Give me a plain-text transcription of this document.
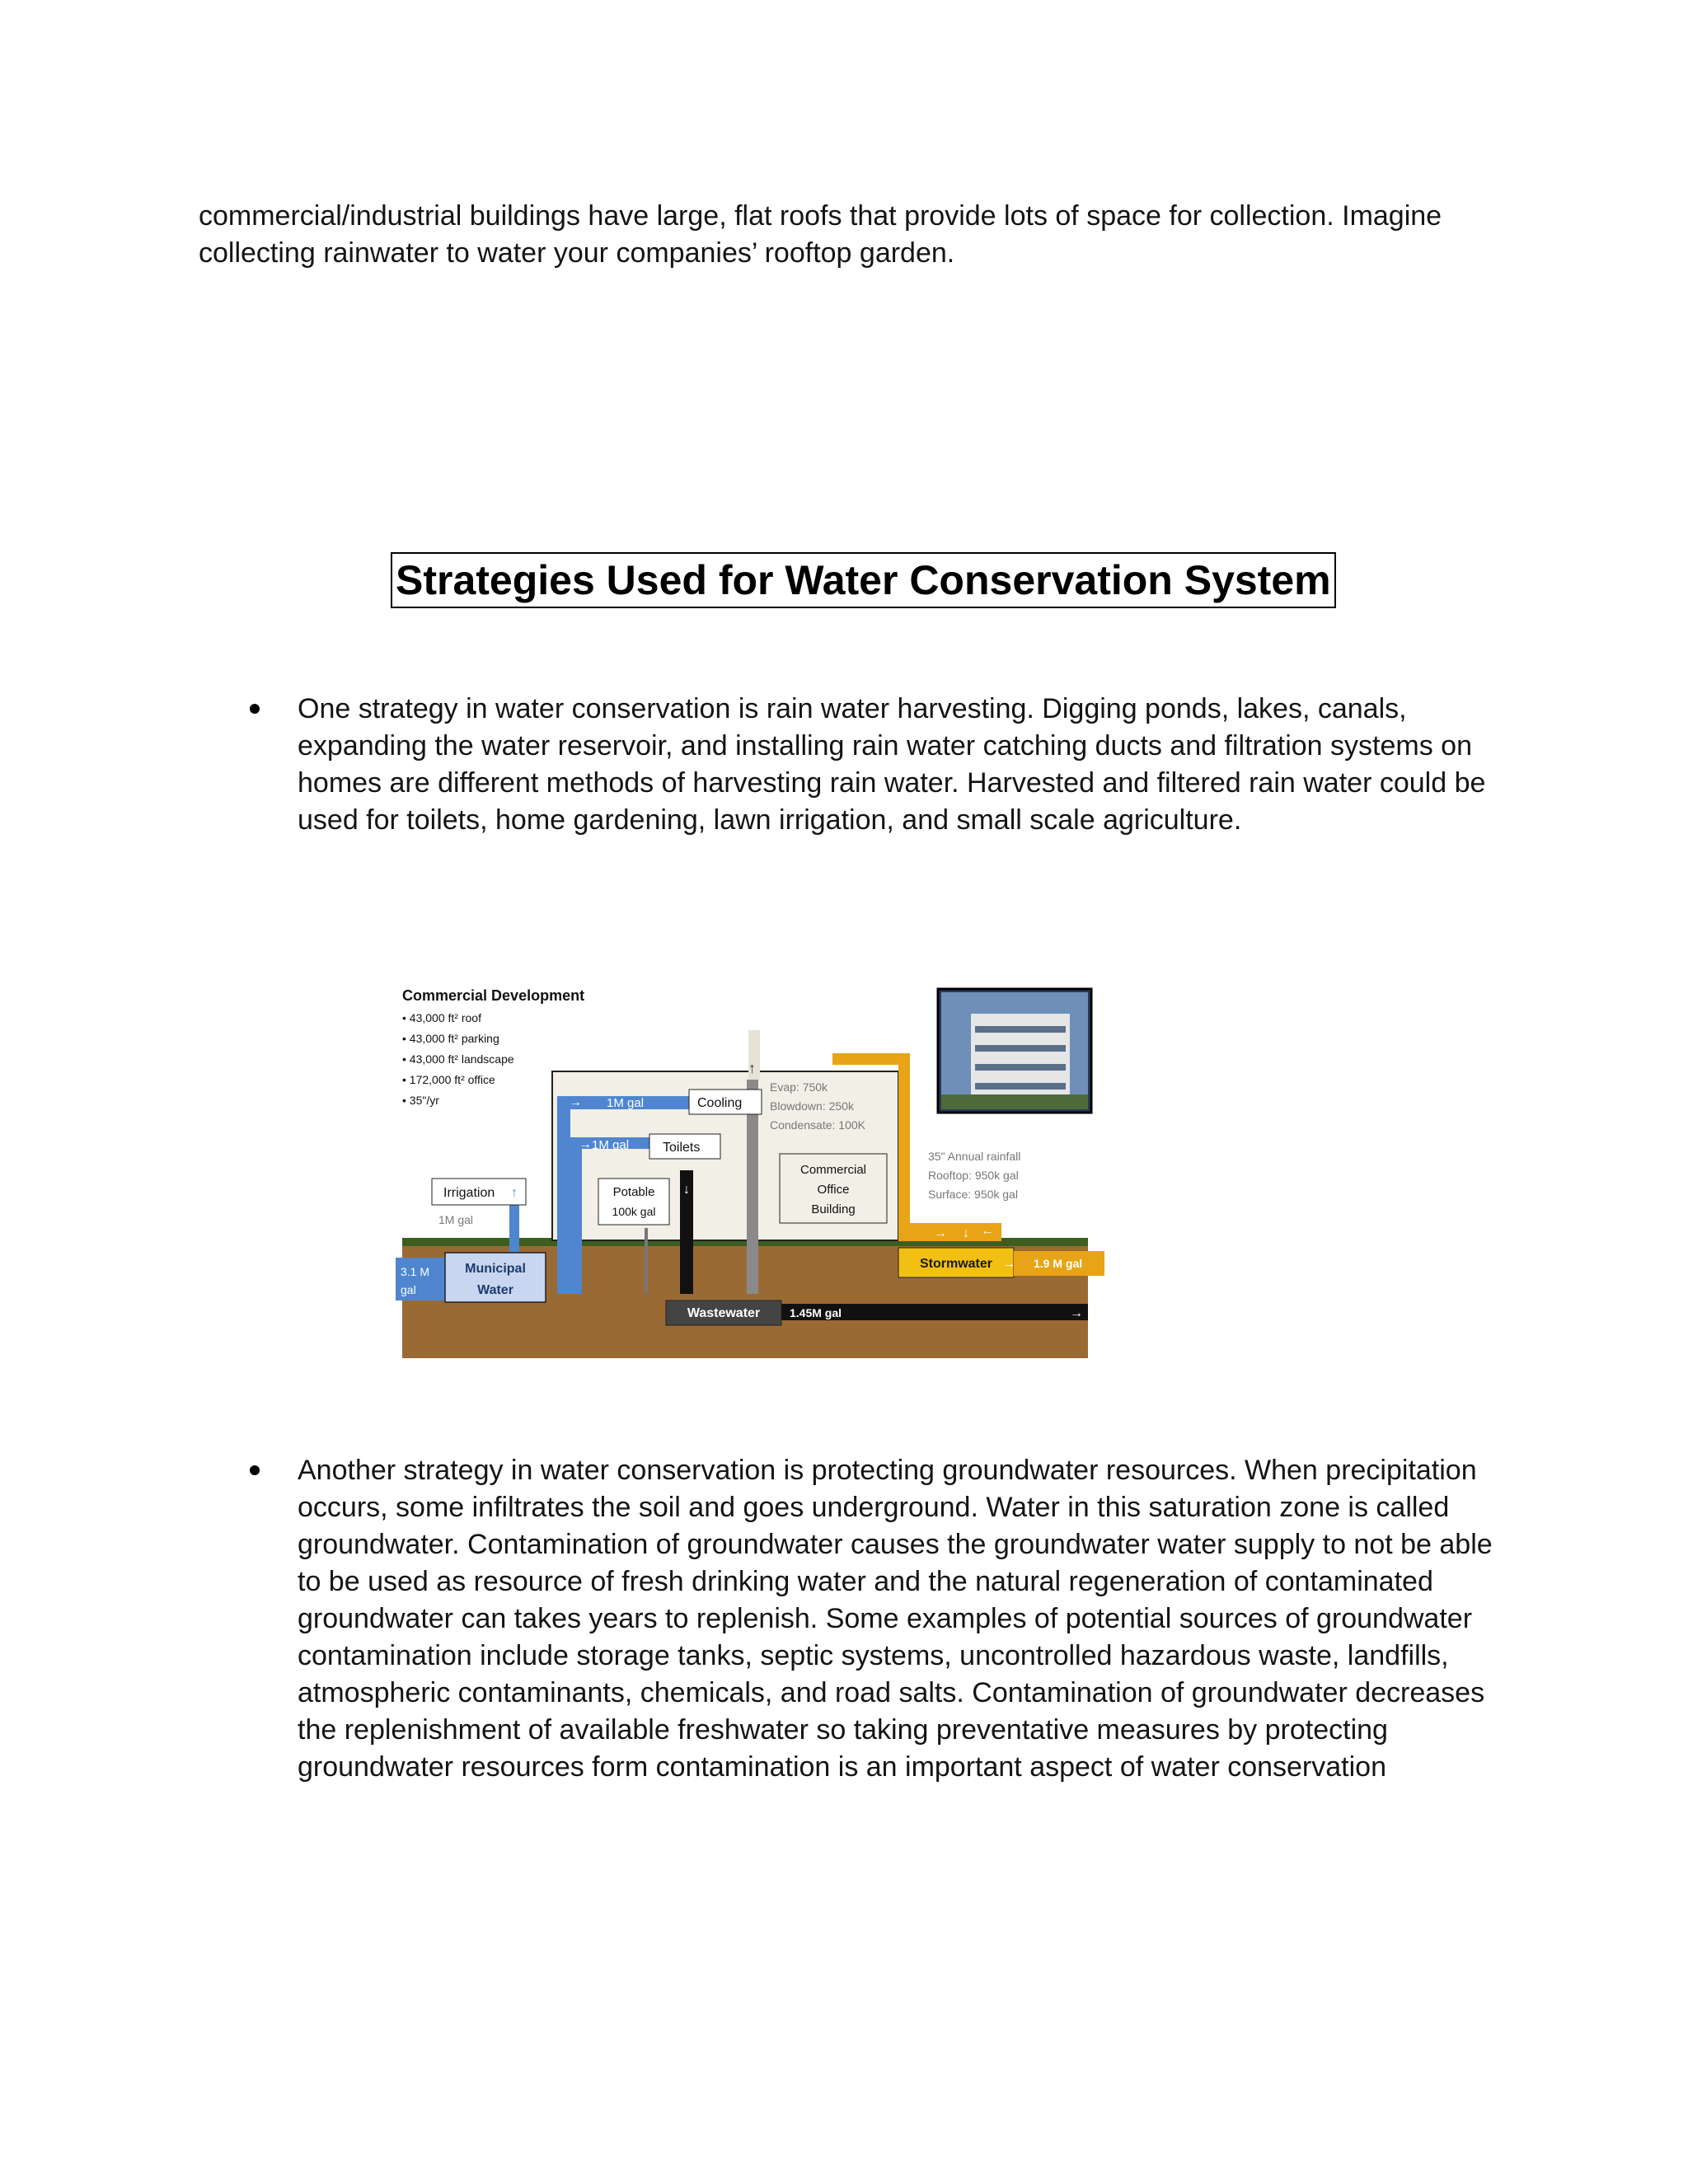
commercial/industrial buildings have large, flat roofs that provide lots of space for collection. Imagine collecting rainwater to water your companies’ rooftop garden.
Strategies Used for Water Conservation System
One strategy in water conservation is rain water harvesting. Digging ponds, lakes, canals, expanding the water reservoir, and installing rain water catching ducts and filtration systems on homes are different methods of harvesting rain water. Harvested and filtered rain water could be used for toilets, home gardening, lawn irrigation, and small scale agriculture.
→
→
↑
↑
↓
→ ↓ ←
→
→
Commercial Development
• 43,000 ft² roof
• 43,000 ft² parking
• 43,000 ft² landscape
• 172,000 ft² office
• 35"/yr	1M gal	Cooling
1M gal	Toilets
Evap: 750k
Blowdown: 250k
Condensate: 100K
Commercial
Office
Building
35" Annual rainfall
Rooftop: 950k gal
Surface: 950k gal
Irrigation
1M gal
Potable
100k gal
Municipal
Water
3.1 M
gal
Stormwater	1.9 M gal
Wastewater	1.45M gal
Another strategy in water conservation is protecting groundwater resources. When precipitation occurs, some infiltrates the soil and goes underground. Water in this saturation zone is called groundwater. Contamination of groundwater causes the groundwater water supply to not be able to be used as resource of fresh drinking water and the natural regeneration of contaminated groundwater can takes years to replenish. Some examples of potential sources of groundwater contamination include storage tanks, septic systems, uncontrolled hazardous waste, landfills, atmospheric contaminants, chemicals, and road salts. Contamination of groundwater decreases the replenishment of available freshwater so taking preventative measures by protecting groundwater resources form contamination is an important aspect of water conservation
